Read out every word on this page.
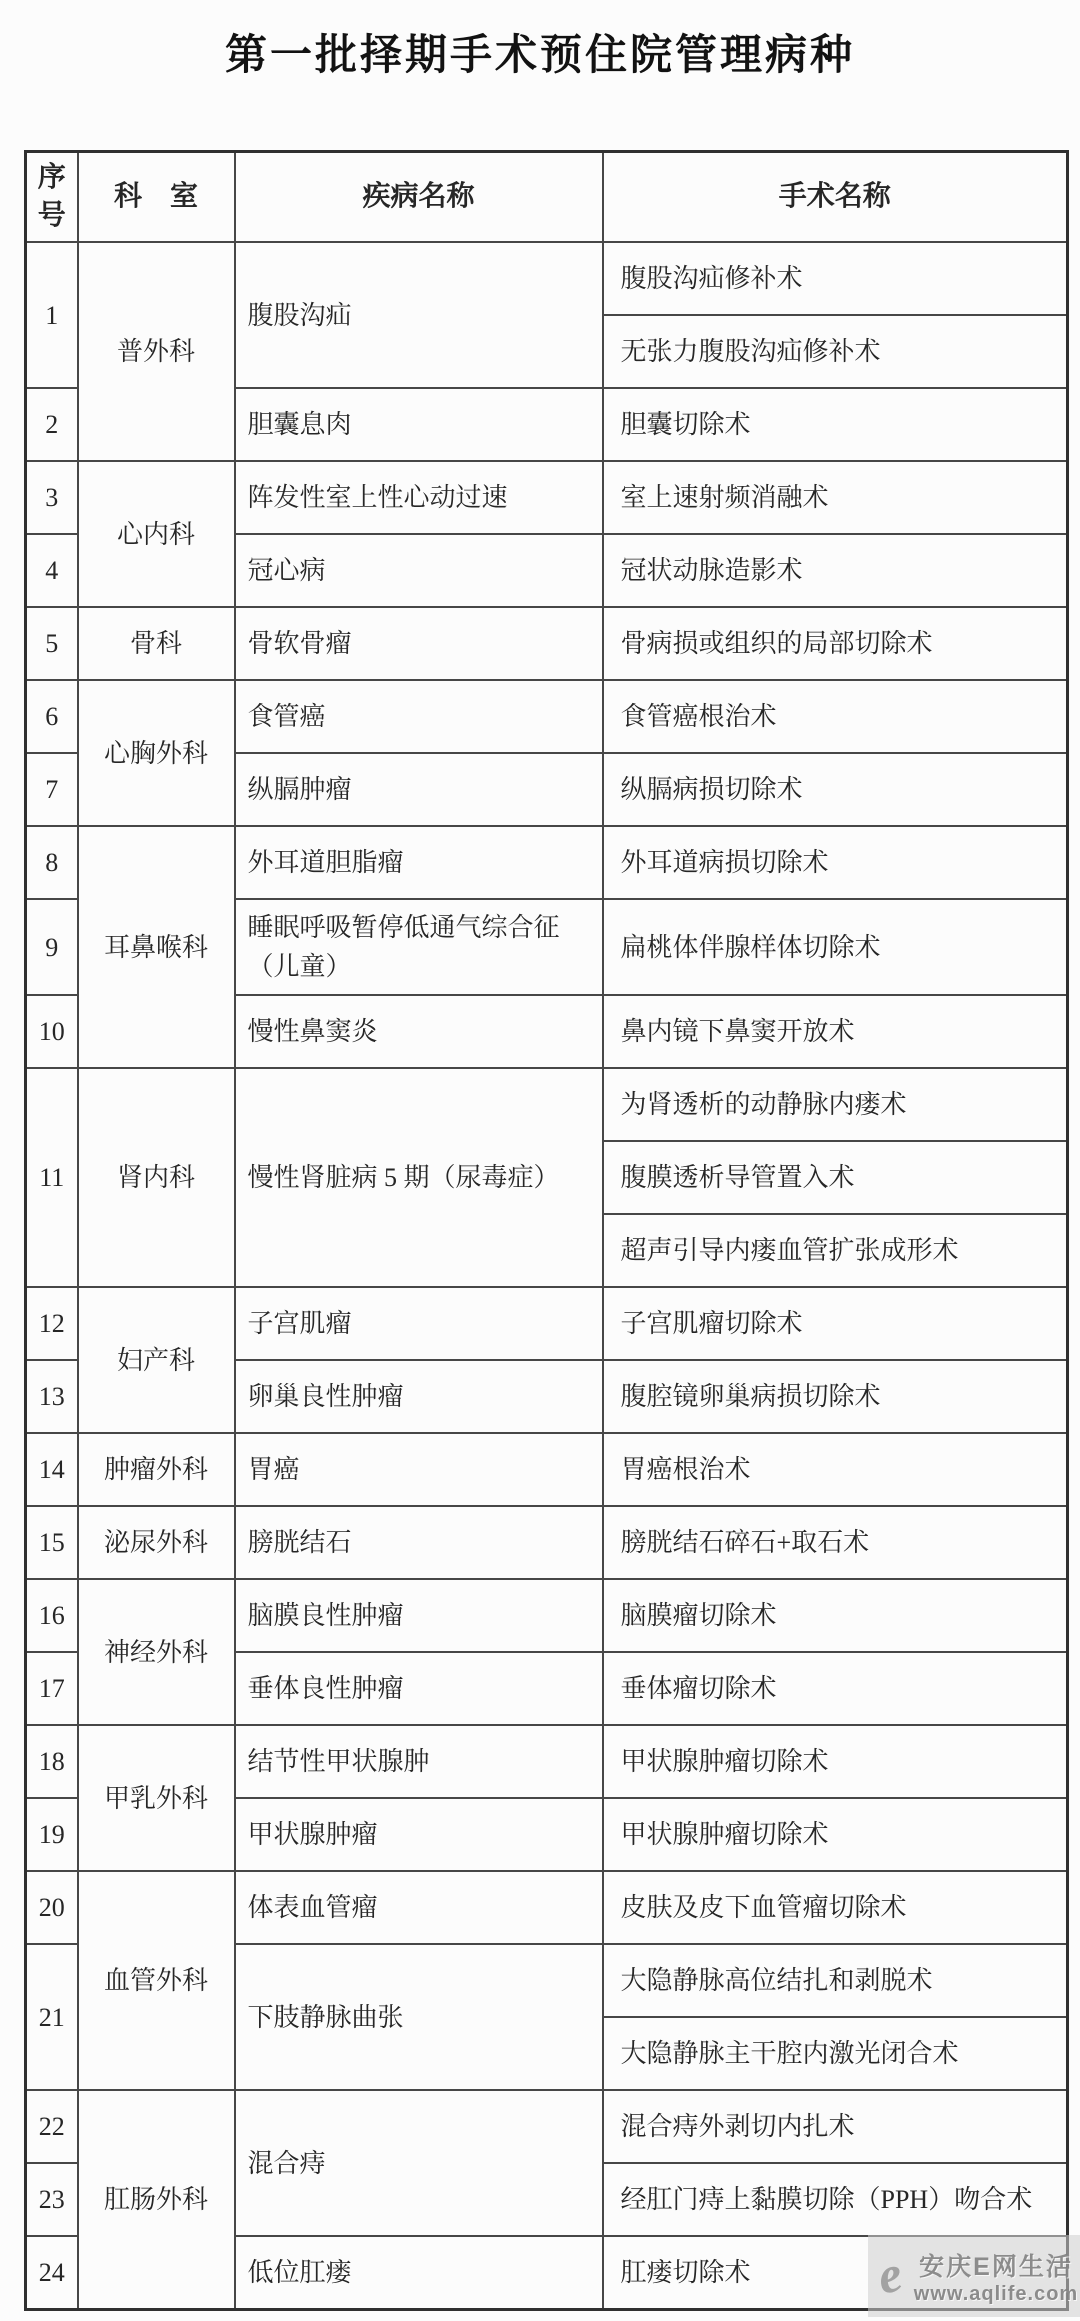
第一批择期手术预住院管理病种
序号	科　室	疾病名称	手术名称
1	普外科	腹股沟疝	腹股沟疝修补术
			无张力腹股沟疝修补术
2		胆囊息肉	胆囊切除术
3	心内科	阵发性室上性心动过速	室上速射频消融术
4		冠心病	冠状动脉造影术
5	骨科	骨软骨瘤	骨病损或组织的局部切除术
6	心胸外科	食管癌	食管癌根治术
7		纵膈肿瘤	纵膈病损切除术
8	耳鼻喉科	外耳道胆脂瘤	外耳道病损切除术
9		睡眠呼吸暂停低通气综合征（儿童）	扁桃体伴腺样体切除术
10		慢性鼻窦炎	鼻内镜下鼻窦开放术
11	肾内科	慢性肾脏病 5 期（尿毒症）	为肾透析的动静脉内瘘术
			腹膜透析导管置入术
			超声引导内瘘血管扩张成形术
12	妇产科	子宫肌瘤	子宫肌瘤切除术
13		卵巢良性肿瘤	腹腔镜卵巢病损切除术
14	肿瘤外科	胃癌	胃癌根治术
15	泌尿外科	膀胱结石	膀胱结石碎石+取石术
16	神经外科	脑膜良性肿瘤	脑膜瘤切除术
17		垂体良性肿瘤	垂体瘤切除术
18	甲乳外科	结节性甲状腺肿	甲状腺肿瘤切除术
19		甲状腺肿瘤	甲状腺肿瘤切除术
20	血管外科	体表血管瘤	皮肤及皮下血管瘤切除术
21		下肢静脉曲张	大隐静脉高位结扎和剥脱术
			大隐静脉主干腔内激光闭合术
22	肛肠外科	混合痔	混合痔外剥切内扎术
23			经肛门痔上黏膜切除（PPH）吻合术
24		低位肛瘘	肛瘘切除术 e 安庆E网生活
www.aqlife.com
